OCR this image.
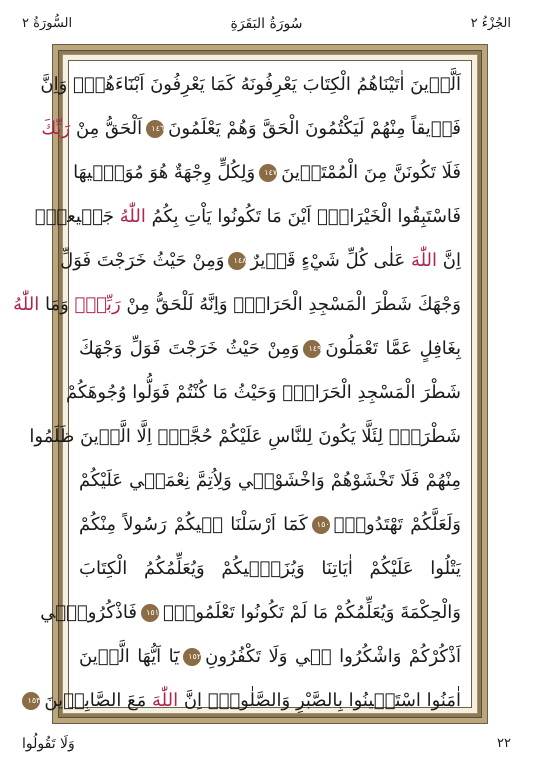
الجُزْءُ ٢
سُورَةُ البَقَرَةِ
السُّورَةُ ٢
اَلَّذ۪ينَ اٰتَيْنَاهُمُ الْكِتَابَ يَعْرِفُونَهُ كَمَا يَعْرِفُونَ اَبْنَٓاءَهُمْۜ وَاِنَّ
فَر۪يقاً مِنْهُمْ لَيَكْتُمُونَ الْحَقَّ وَهُمْ يَعْلَمُونَ١٤٦اَلْحَقُّ مِنْ رَبِّكَ
فَلَا تَكُونَنَّ مِنَ الْمُمْتَر۪ينَ١٤٧وَلِكُلٍّ وِجْهَةٌ هُوَ مُوَلّ۪يهَا
فَاسْتَبِقُوا الْخَيْرَاتِۜ اَيْنَ مَا تَكُونُوا يَاْتِ بِكُمُ اللّٰهُ جَم۪يعاًۜ
اِنَّ اللّٰهَ عَلٰى كُلِّ شَيْءٍ قَد۪يرٌ١٤٨وَمِنْ حَيْثُ خَرَجْتَ فَوَلِّ
وَجْهَكَ شَطْرَ الْمَسْجِدِ الْحَرَامِۜ وَاِنَّهُ لَلْحَقُّ مِنْ رَبِّكَۜ وَمَا اللّٰهُ
بِغَافِلٍ عَمَّا تَعْمَلُونَ١٤٩وَمِنْ حَيْثُ خَرَجْتَ فَوَلِّ وَجْهَكَ
شَطْرَ الْمَسْجِدِ الْحَرَامِۜ وَحَيْثُ مَا كُنْتُمْ فَوَلُّوا وُجُوهَكُمْ
شَطْرَهُۙ لِئَلَّا يَكُونَ لِلنَّاسِ عَلَيْكُمْ حُجَّةٌۗ اِلَّا الَّذ۪ينَ ظَلَمُوا
مِنْهُمْ فَلَا تَخْشَوْهُمْ وَاخْشَوْن۪ي وَلِاُتِمَّ نِعْمَت۪ي عَلَيْكُمْ
وَلَعَلَّكُمْ تَهْتَدُونَۙ١٥٠كَمَٓا اَرْسَلْنَا ف۪يكُمْ رَسُولاً مِنْكُمْ
يَتْلُوا عَلَيْكُمْ اٰيَاتِنَا وَيُزَكّ۪يكُمْ وَيُعَلِّمُكُمُ الْكِتَابَ
وَالْحِكْمَةَ وَيُعَلِّمُكُمْ مَا لَمْ تَكُونُوا تَعْلَمُونَۜ١٥١فَاذْكُرُون۪ٓي
اَذْكُرْكُمْ وَاشْكُرُوا ل۪ي وَلَا تَكْفُرُونِ١٥٢يَٓا اَيُّهَا الَّذ۪ينَ
اٰمَنُوا اسْتَع۪ينُوا بِالصَّبْرِ وَالصَّلٰوةِۜ اِنَّ اللّٰهَ مَعَ الصَّابِر۪ينَ١٥٣
٢٢
وَلَا تَقُولُوا
